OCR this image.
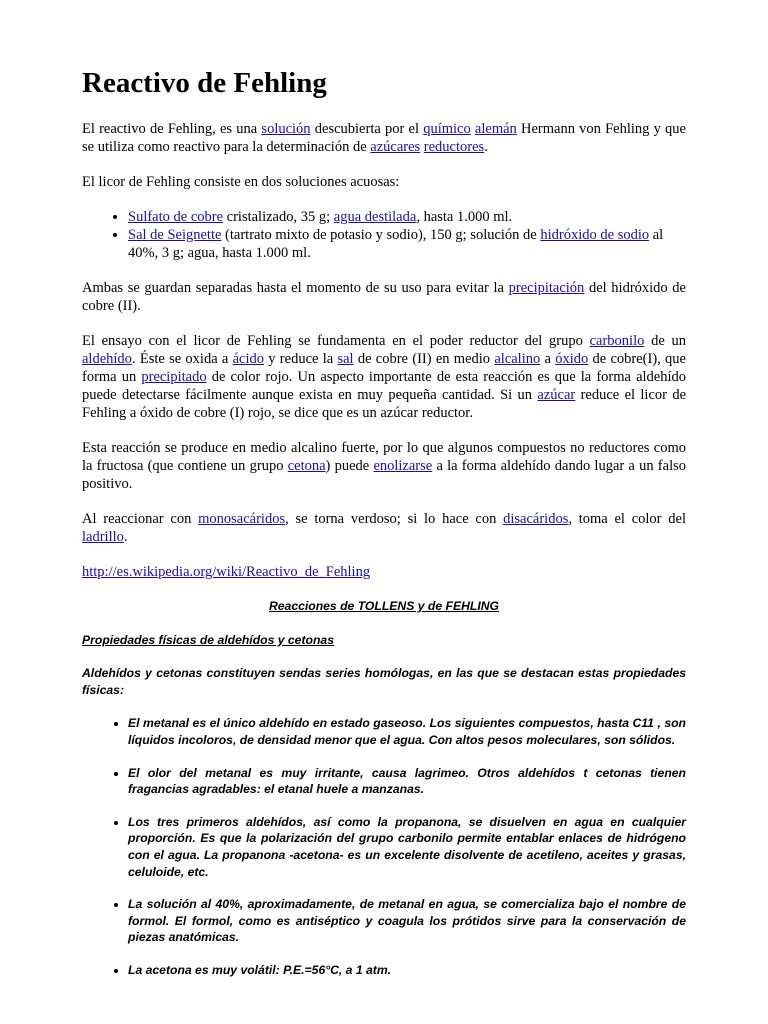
Reactivo de Fehling

El reactivo de Fehling, es una solución descubierta por el químico alemán Hermann von Fehling y que se utiliza como reactivo para la determinación de azúcares reductores.

El licor de Fehling consiste en dos soluciones acuosas:

• Sulfato de cobre cristalizado, 35 g; agua destilada, hasta 1.000 ml.
• Sal de Seignette (tartrato mixto de potasio y sodio), 150 g; solución de hidróxido de sodio al 40%, 3 g; agua, hasta 1.000 ml.

Ambas se guardan separadas hasta el momento de su uso para evitar la precipitación del hidróxido de cobre (II).

El ensayo con el licor de Fehling se fundamenta en el poder reductor del grupo carbonilo de un aldehído. Éste se oxida a ácido y reduce la sal de cobre (II) en medio alcalino a óxido de cobre(I), que forma un precipitado de color rojo. Un aspecto importante de esta reacción es que la forma aldehído puede detectarse fácilmente aunque exista en muy pequeña cantidad. Si un azúcar reduce el licor de Fehling a óxido de cobre (I) rojo, se dice que es un azúcar reductor.

Esta reacción se produce en medio alcalino fuerte, por lo que algunos compuestos no reductores como la fructosa (que contiene un grupo cetona) puede enolizarse a la forma aldehído dando lugar a un falso positivo.

Al reaccionar con monosacáridos, se torna verdoso; si lo hace con disacáridos, toma el color del ladrillo.

http://es.wikipedia.org/wiki/Reactivo_de_Fehling

Reacciones de TOLLENS y de FEHLING
Propiedades físicas de aldehídos y cetonas
Aldehídos y cetonas constituyen sendas series homólogas, en las que se destacan estas propiedades físicas:
• El metanal es el único aldehído en estado gaseoso. Los siguientes compuestos, hasta C11 , son líquidos incoloros, de densidad menor que el agua. Con altos pesos moleculares, son sólidos.
• El olor del metanal es muy irritante, causa lagrimeo. Otros aldehídos t cetonas tienen fragancias agradables: el etanal huele a manzanas.
• Los tres primeros aldehídos, así como la propanona, se disuelven en agua en cualquier proporción. Es que la polarización del grupo carbonilo permite entablar enlaces de hidrógeno con el agua. La propanona -acetona- es un excelente disolvente de acetileno, aceites y grasas, celuloide, etc.
• La solución al 40%, aproximadamente, de metanal en agua, se comercializa bajo el nombre de formol. El formol, como es antiséptico y coagula los prótidos sirve para la conservación de piezas anatómicas.
• La acetona es muy volátil: P.E.=56°C, a 1 atm.
